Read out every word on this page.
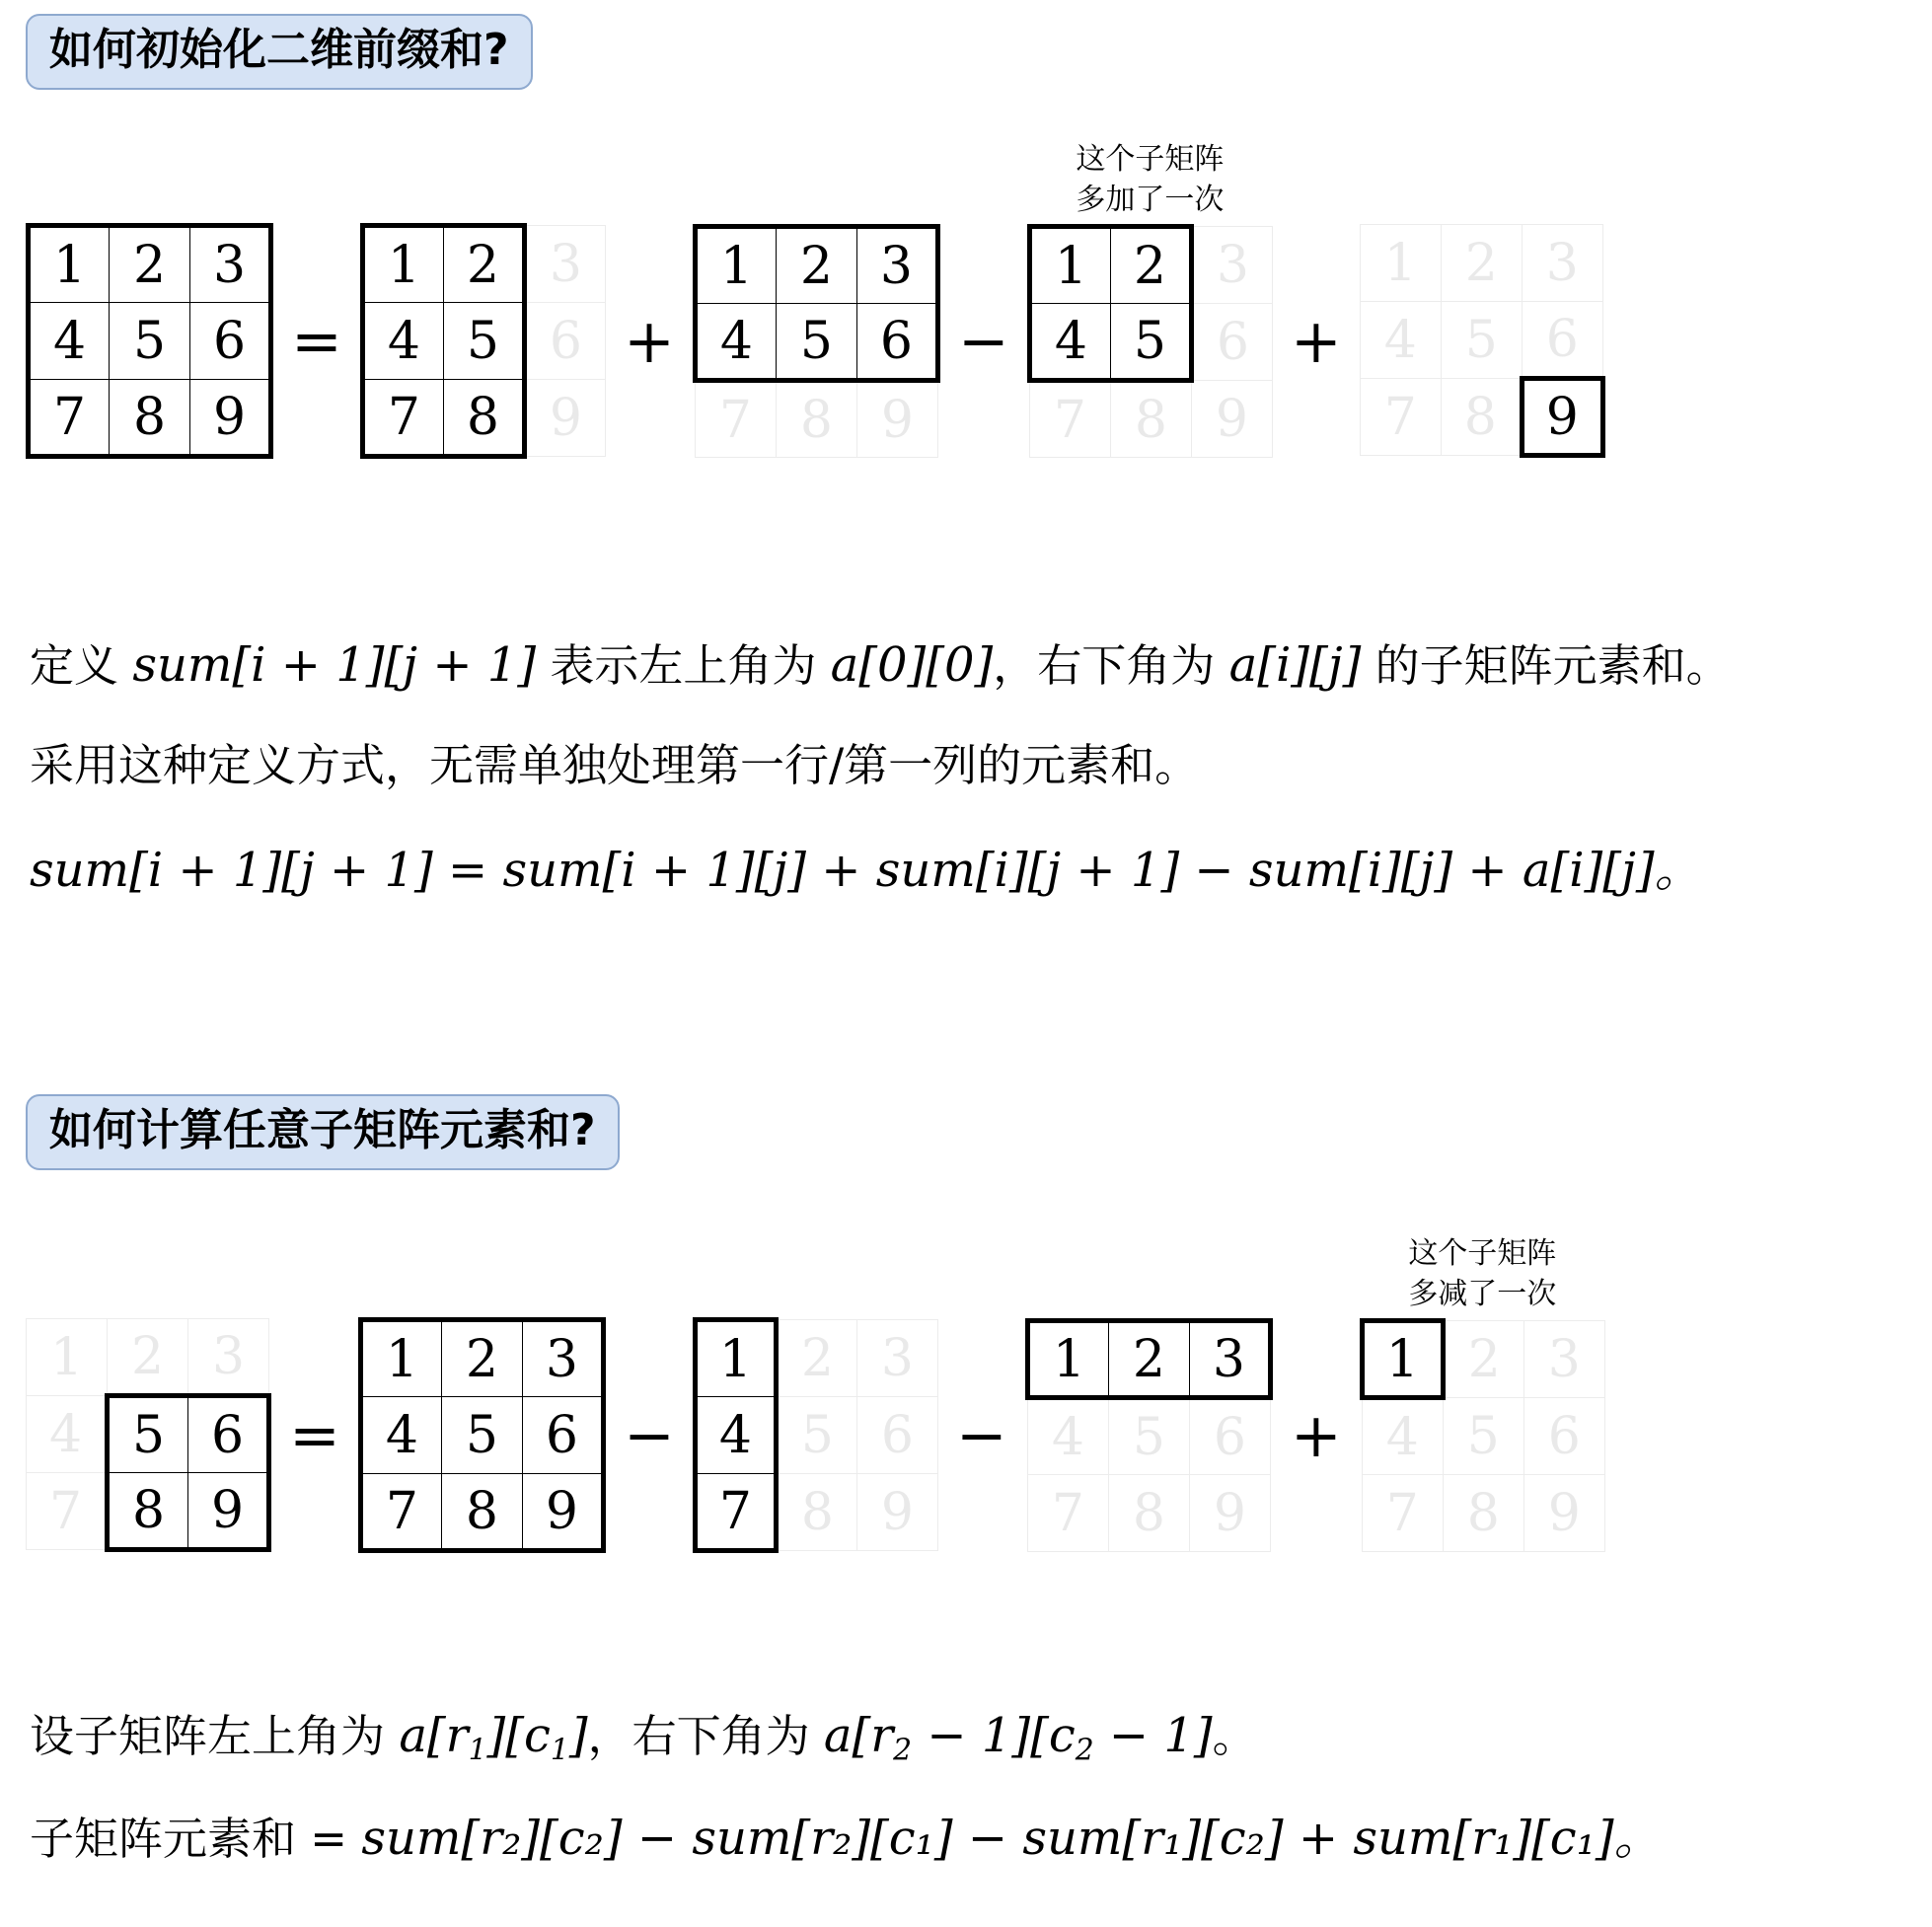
如何初始化二维前缀和?
1	2	3
4	5	6
7	8	9
=
1	2	3
4	5	6
7	8	9
+
1	2	3
4	5	6
7	8	9
−
这个子矩阵
多加了一次
1	2	3
4	5	6
7	8	9
+
1	2	3
4	5	6
7	8	9
定义 sum[i + 1][j + 1] 表示左上角为 a[0][0]，右下角为 a[i][j] 的子矩阵元素和。
采用这种定义方式，无需单独处理第一行/第一列的元素和。
sum[i + 1][j + 1] = sum[i + 1][j] + sum[i][j + 1] − sum[i][j] + a[i][j]。
如何计算任意子矩阵元素和?
1	2	3
4	5	6
7	8	9
=
1	2	3
4	5	6
7	8	9
−
1	2	3
4	5	6
7	8	9
−
1	2	3
4	5	6
7	8	9
+
这个子矩阵
多减了一次
1	2	3
4	5	6
7	8	9
设子矩阵左上角为 $a[r_1][c_1]$，右下角为 $a[r_2 - 1][c_2 - 1]$。
子矩阵元素和 = sum[r₂][c₂] − sum[r₂][c₁] − sum[r₁][c₂] + sum[r₁][c₁]。
